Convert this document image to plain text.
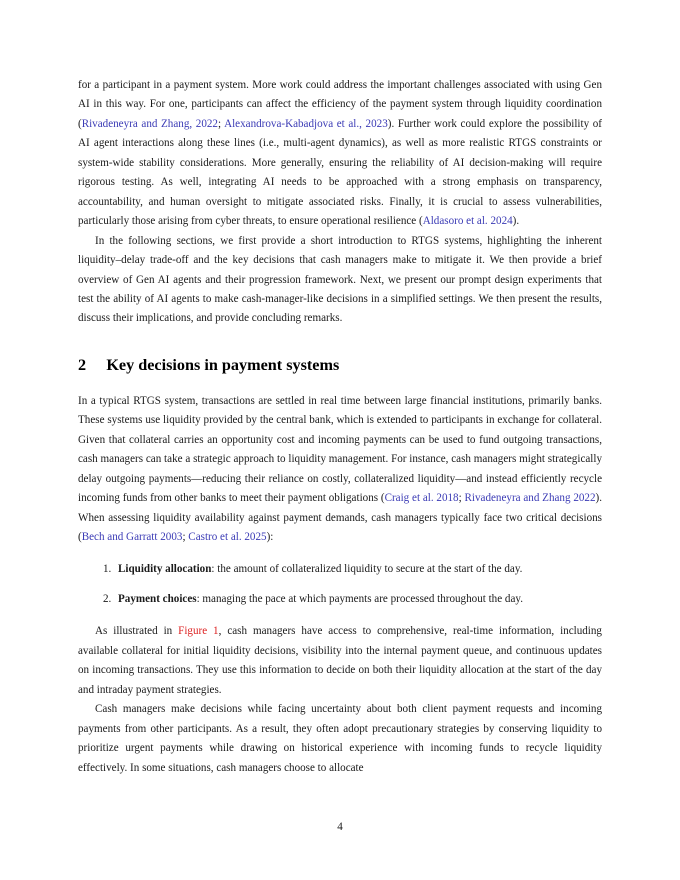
for a participant in a payment system. More work could address the important challenges associated with using Gen AI in this way. For one, participants can affect the efficiency of the payment system through liquidity coordination (Rivadeneyra and Zhang, 2022; Alexandrova-Kabadjova et al., 2023). Further work could explore the possibility of AI agent interactions along these lines (i.e., multi-agent dynamics), as well as more realistic RTGS constraints or system-wide stability considerations. More generally, ensuring the reliability of AI decision-making will require rigorous testing. As well, integrating AI needs to be approached with a strong emphasis on transparency, accountability, and human oversight to mitigate associated risks. Finally, it is crucial to assess vulnerabilities, particularly those arising from cyber threats, to ensure operational resilience (Aldasoro et al. 2024).

In the following sections, we first provide a short introduction to RTGS systems, highlighting the inherent liquidity–delay trade-off and the key decisions that cash managers make to mitigate it. We then provide a brief overview of Gen AI agents and their progression framework. Next, we present our prompt design experiments that test the ability of AI agents to make cash-manager-like decisions in a simplified settings. We then present the results, discuss their implications, and provide concluding remarks.

2 Key decisions in payment systems

In a typical RTGS system, transactions are settled in real time between large financial institutions, primarily banks. These systems use liquidity provided by the central bank, which is extended to participants in exchange for collateral. Given that collateral carries an opportunity cost and incoming payments can be used to fund outgoing transactions, cash managers can take a strategic approach to liquidity management. For instance, cash managers might strategically delay outgoing payments—reducing their reliance on costly, collateralized liquidity—and instead efficiently recycle incoming funds from other banks to meet their payment obligations (Craig et al. 2018; Rivadeneyra and Zhang 2022). When assessing liquidity availability against payment demands, cash managers typically face two critical decisions (Bech and Garratt 2003; Castro et al. 2025):

1. Liquidity allocation: the amount of collateralized liquidity to secure at the start of the day.
2. Payment choices: managing the pace at which payments are processed throughout the day.

As illustrated in Figure 1, cash managers have access to comprehensive, real-time information, including available collateral for initial liquidity decisions, visibility into the internal payment queue, and continuous updates on incoming transactions. They use this information to decide on both their liquidity allocation at the start of the day and intraday payment strategies.

Cash managers make decisions while facing uncertainty about both client payment requests and incoming payments from other participants. As a result, they often adopt precautionary strategies by conserving liquidity to prioritize urgent payments while drawing on historical experience with incoming funds to recycle liquidity effectively. In some situations, cash managers choose to allocate

4
